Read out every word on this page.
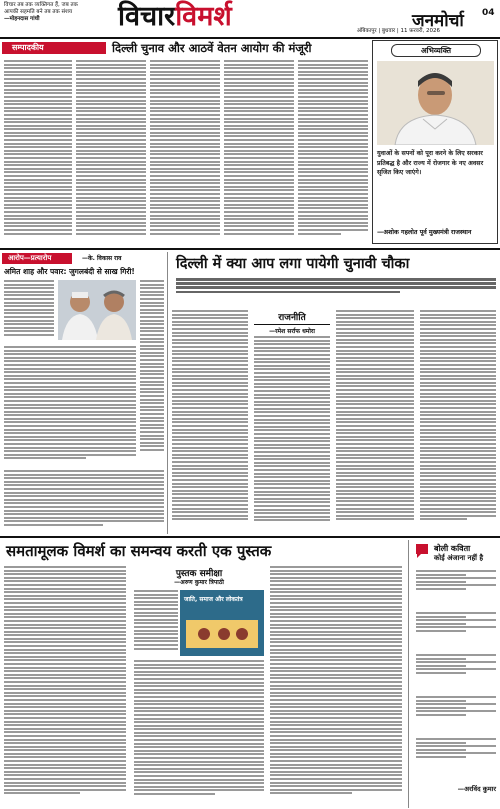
विचार तब तक व्यक्तिगत हैं, जब तक
आपकी सहमति बने तब तक संशय
—मोहनदास गांधी	विचारविमर्श	अंबिकापुर | बुधवार | 11 फ़रवरी, 2026
जनमोर्चा 04
सम्पादकीय	दिल्ली चुनाव और आठवें वेतन आयोग की मंजूरी	अभिव्यक्ति
युवाओं के सपनों को पूरा करने के लिए सरकार प्रतिबद्ध है और राज्य में रोजगार के नए अवसर सृजित किए जाएंगे।
—अशोक गहलोत पूर्व मुख्यमंत्री राजस्थान
आरोप—प्रत्यारोप	—के. विकास राव
अमित शाह और पवार: जुगलबंदी से साख गिरी!	दिल्ली में क्या आप लगा पायेगी चुनावी चौका
राजनीति
—रमेश सर्राफ धमोरा
समतामूलक विमर्श का समन्वय करती एक पुस्तक
पुस्तक समीक्षा
—अरुण कुमार त्रिपाठी
जाति, समाज और लोकतंत्र
बोली कविता
कोई अंजाना नहीं है
—अरविंद कुमार
